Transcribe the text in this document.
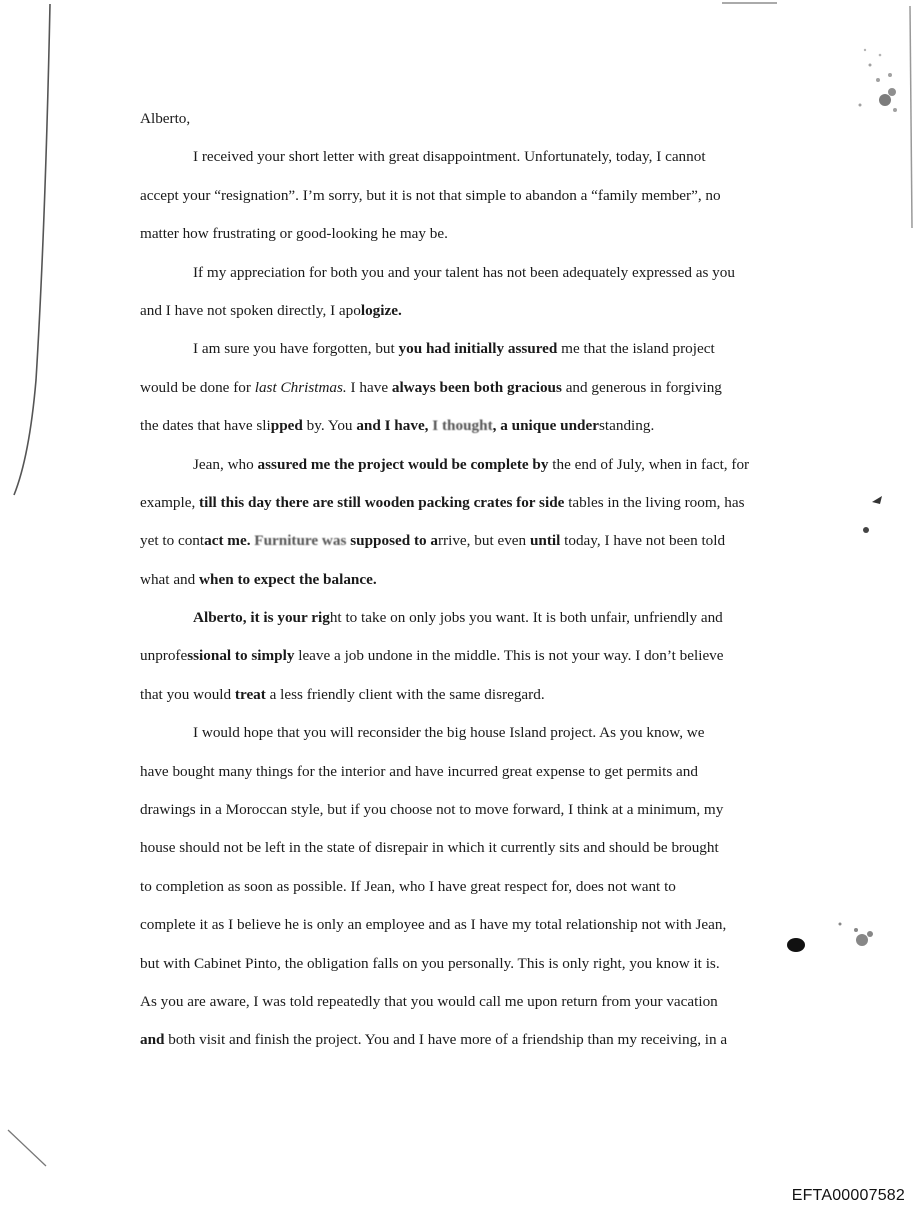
Alberto,
I received your short letter with great disappointment. Unfortunately, today, I cannot
accept your “resignation”. I’m sorry, but it is not that simple to abandon a “family member”, no
matter how frustrating or good-looking he may be.
If my appreciation for both you and your talent has not been adequately expressed as you
and I have not spoken directly, I apologize.
I am sure you have forgotten, but you had initially assured me that the island project
would be done for last Christmas. I have always been both gracious and generous in forgiving
the dates that have slipped by. You and I have, I thought, a unique understanding.
Jean, who assured me the project would be complete by the end of July, when in fact, for
example, till this day there are still wooden packing crates for side tables in the living room, has
yet to contact me. Furniture was supposed to arrive, but even until today, I have not been told
what and when to expect the balance.
Alberto, it is your right to take on only jobs you want. It is both unfair, unfriendly and
unprofessional to simply leave a job undone in the middle. This is not your way. I don’t believe
that you would treat a less friendly client with the same disregard.
I would hope that you will reconsider the big house Island project. As you know, we
have bought many things for the interior and have incurred great expense to get permits and
drawings in a Moroccan style, but if you choose not to move forward, I think at a minimum, my
house should not be left in the state of disrepair in which it currently sits and should be brought
to completion as soon as possible. If Jean, who I have great respect for, does not want to
complete it as I believe he is only an employee and as I have my total relationship not with Jean,
but with Cabinet Pinto, the obligation falls on you personally. This is only right, you know it is.
As you are aware, I was told repeatedly that you would call me upon return from your vacation
and both visit and finish the project. You and I have more of a friendship than my receiving, in a
EFTA00007582
